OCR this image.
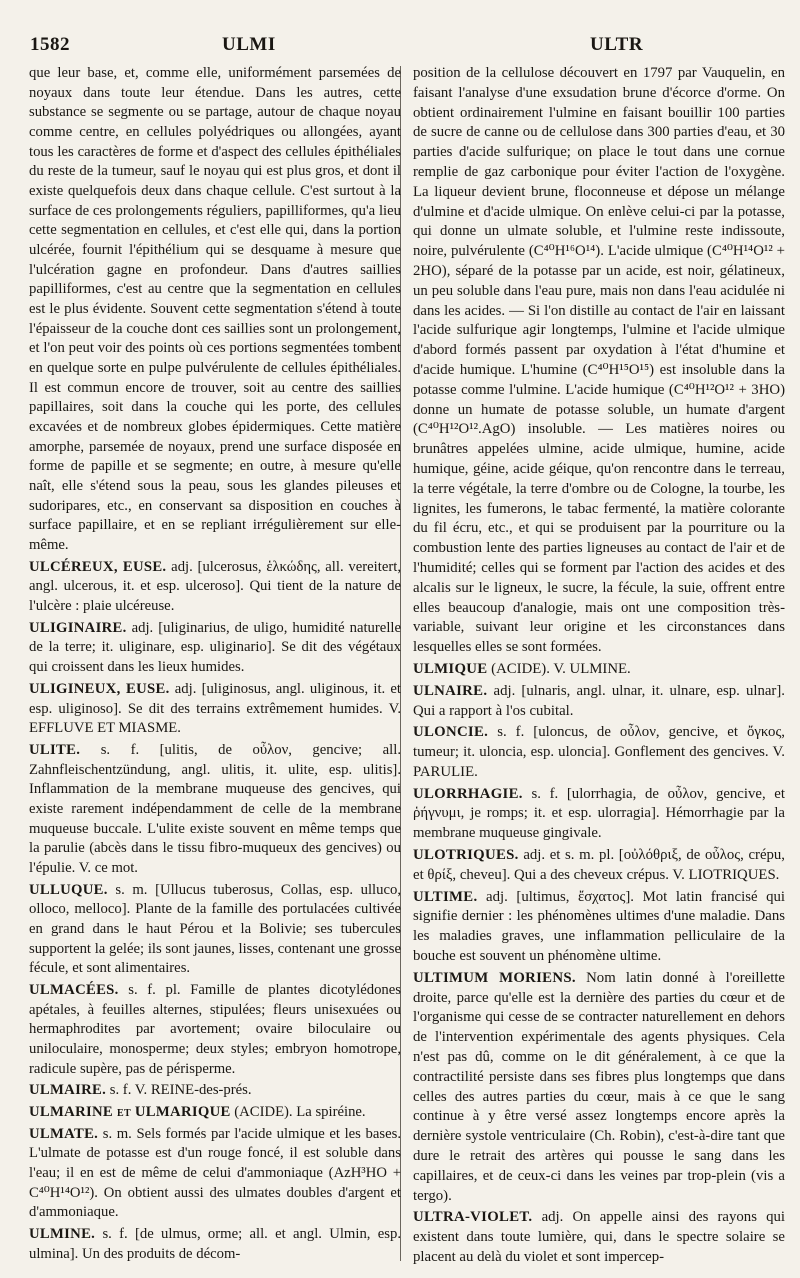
1582	ULMI	ULTR

que leur base, et, comme elle, uniformément parsemées de noyaux dans toute leur étendue. Dans les autres, cette substance se segmente ou se partage, autour de chaque noyau comme centre, en cellules polyédriques ou allongées, ayant tous les caractères de forme et d'aspect des cellules épithéliales du reste de la tumeur, sauf le noyau qui est plus gros, et dont il existe quelquefois deux dans chaque cellule. C'est surtout à la surface de ces prolongements réguliers, papilliformes, qu'a lieu cette segmentation en cellules, et c'est elle qui, dans la portion ulcérée, fournit l'épithélium qui se desquame à mesure que l'ulcération gagne en profondeur. Dans d'autres saillies papilliformes, c'est au centre que la segmentation en cellules est le plus évidente. Souvent cette segmentation s'étend à toute l'épaisseur de la couche dont ces saillies sont un prolongement, et l'on peut voir des points où ces portions segmentées tombent en quelque sorte en pulpe pulvérulente de cellules épithéliales. Il est commun encore de trouver, soit au centre des saillies papillaires, soit dans la couche qui les porte, des cellules excavées et de nombreux globes épidermiques. Cette matière amorphe, parsemée de noyaux, prend une surface disposée en forme de papille et se segmente; en outre, à mesure qu'elle naît, elle s'étend sous la peau, sous les glandes pileuses et sudoripares, etc., en conservant sa disposition en couches à surface papillaire, et en se repliant irrégulièrement sur elle-même.

ULCÉREUX, EUSE. adj. [ulcerosus, ἑλκώδης, all. vereitert, angl. ulcerous, it. et esp. ulceroso]. Qui tient de la nature de l'ulcère : plaie ulcéreuse.

ULIGINAIRE. adj. [uliginarius, de uligo, humidité naturelle de la terre; it. uliginare, esp. uliginario]. Se dit des végétaux qui croissent dans les lieux humides.

ULIGINEUX, EUSE. adj. [uliginosus, angl. uliginous, it. et esp. uliginoso]. Se dit des terrains extrêmement humides. V. EFFLUVE ET MIASME.

ULITE. s. f. [ulitis, de οὖλον, gencive; all. Zahnfleischentzündung, angl. ulitis, it. ulite, esp. ulitis]. Inflammation de la membrane muqueuse des gencives, qui existe rarement indépendamment de celle de la membrane muqueuse buccale. L'ulite existe souvent en même temps que la parulie (abcès dans le tissu fibro-muqueux des gencives) ou l'épulie. V. ce mot.

ULLUQUE. s. m. [Ullucus tuberosus, Collas, esp. ulluco, olloco, melloco]. Plante de la famille des portulacées cultivée en grand dans le haut Pérou et la Bolivie; ses tubercules supportent la gelée; ils sont jaunes, lisses, contenant une grosse fécule, et sont alimentaires.

ULMACÉES. s. f. pl. Famille de plantes dicotylédones apétales, à feuilles alternes, stipulées; fleurs unisexuées ou hermaphrodites par avortement; ovaire biloculaire ou uniloculaire, monosperme; deux styles; embryon homotrope, radicule supère, pas de périsperme.

ULMAIRE. s. f. V. REINE-des-prés.

ULMARINE et ULMARIQUE (ACIDE). La spiréine.

ULMATE. s. m. Sels formés par l'acide ulmique et les bases. L'ulmate de potasse est d'un rouge foncé, il est soluble dans l'eau; il en est de même de celui d'ammoniaque (AzH³HO + C⁴⁰H¹⁴O¹²). On obtient aussi des ulmates doubles d'argent et d'ammoniaque.

ULMINE. s. f. [de ulmus, orme; all. et angl. Ulmin, esp. ulmina]. Un des produits de décom-

position de la cellulose découvert en 1797 par Vauquelin, en faisant l'analyse d'une exsudation brune d'écorce d'orme. On obtient ordinairement l'ulmine en faisant bouillir 100 parties de sucre de canne ou de cellulose dans 300 parties d'eau, et 30 parties d'acide sulfurique; on place le tout dans une cornue remplie de gaz carbonique pour éviter l'action de l'oxygène. La liqueur devient brune, floconneuse et dépose un mélange d'ulmine et d'acide ulmique. On enlève celui-ci par la potasse, qui donne un ulmate soluble, et l'ulmine reste indissoute, noire, pulvérulente (C⁴⁰H¹⁶O¹⁴). L'acide ulmique (C⁴⁰H¹⁴O¹² + 2HO), séparé de la potasse par un acide, est noir, gélatineux, un peu soluble dans l'eau pure, mais non dans l'eau acidulée ni dans les acides. — Si l'on distille au contact de l'air en laissant l'acide sulfurique agir longtemps, l'ulmine et l'acide ulmique d'abord formés passent par oxydation à l'état d'humine et d'acide humique. L'humine (C⁴⁰H¹⁵O¹⁵) est insoluble dans la potasse comme l'ulmine. L'acide humique (C⁴⁰H¹²O¹² + 3HO) donne un humate de potasse soluble, un humate d'argent (C⁴⁰H¹²O¹².AgO) insoluble. — Les matières noires ou brunâtres appelées ulmine, acide ulmique, humine, acide humique, géine, acide géique, qu'on rencontre dans le terreau, la terre végétale, la terre d'ombre ou de Cologne, la tourbe, les lignites, les fumerons, le tabac fermenté, la matière colorante du fil écru, etc., et qui se produisent par la pourriture ou la combustion lente des parties ligneuses au contact de l'air et de l'humidité; celles qui se forment par l'action des acides et des alcalis sur le ligneux, le sucre, la fécule, la suie, offrent entre elles beaucoup d'analogie, mais ont une composition très-variable, suivant leur origine et les circonstances dans lesquelles elles se sont formées.

ULMIQUE (ACIDE). V. ULMINE.

ULNAIRE. adj. [ulnaris, angl. ulnar, it. ulnare, esp. ulnar]. Qui a rapport à l'os cubital.

ULONCIE. s. f. [uloncus, de οὖλον, gencive, et ὄγκος, tumeur; it. uloncia, esp. uloncia]. Gonflement des gencives. V. PARULIE.

ULORRHAGIE. s. f. [ulorrhagia, de οὖλον, gencive, et ῥήγνυμι, je romps; it. et esp. ulorragia]. Hémorrhagie par la membrane muqueuse gingivale.

ULOTRIQUES. adj. et s. m. pl. [οὐλόθριξ, de οὖλος, crépu, et θρίξ, cheveu]. Qui a des cheveux crépus. V. LIOTRIQUES.

ULTIME. adj. [ultimus, ἔσχατος]. Mot latin francisé qui signifie dernier : les phénomènes ultimes d'une maladie. Dans les maladies graves, une inflammation pelliculaire de la bouche est souvent un phénomène ultime.

ULTIMUM MORIENS. Nom latin donné à l'oreillette droite, parce qu'elle est la dernière des parties du cœur et de l'organisme qui cesse de se contracter naturellement en dehors de l'intervention expérimentale des agents physiques. Cela n'est pas dû, comme on le dit généralement, à ce que la contractilité persiste dans ses fibres plus longtemps que dans celles des autres parties du cœur, mais à ce que le sang continue à y être versé assez longtemps encore après la dernière systole ventriculaire (Ch. Robin), c'est-à-dire tant que dure le retrait des artères qui pousse le sang dans les capillaires, et de ceux-ci dans les veines par trop-plein (vis a tergo).

ULTRA-VIOLET. adj. On appelle ainsi des rayons qui existent dans toute lumière, qui, dans le spectre solaire se placent au delà du violet et sont impercep-
